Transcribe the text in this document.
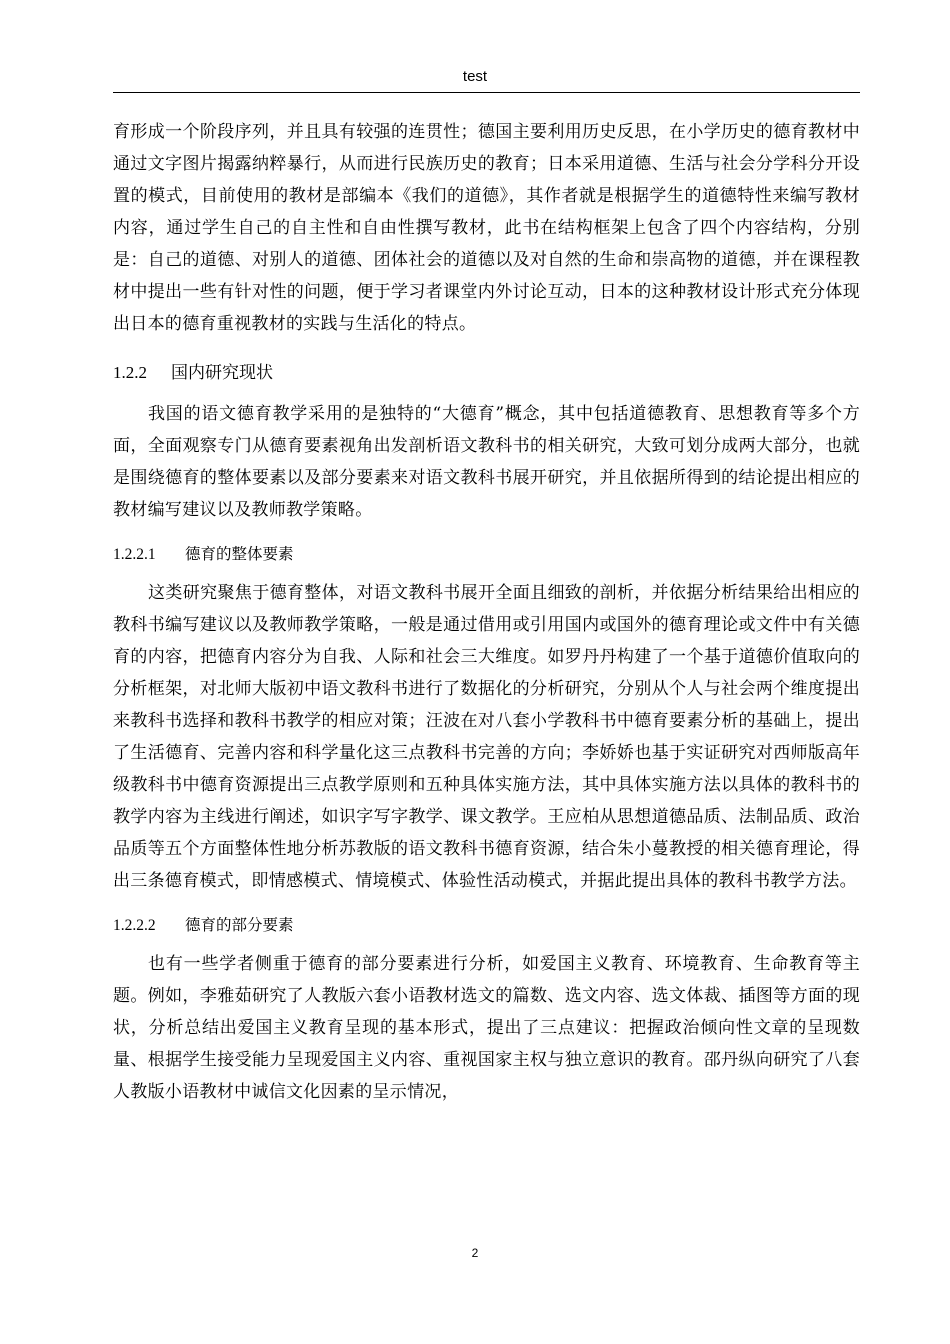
test

育形成一个阶段序列，并且具有较强的连贯性；德国主要利用历史反思，在小学历史的德育教材中通过文字图片揭露纳粹暴行，从而进行民族历史的教育；日本采用道德、生活与社会分学科分开设置的模式，目前使用的教材是部编本《我们的道德》，其作者就是根据学生的道德特性来编写教材内容，通过学生自己的自主性和自由性撰写教材，此书在结构框架上包含了四个内容结构，分别是：自己的道德、对别人的道德、团体社会的道德以及对自然的生命和崇高物的道德，并在课程教材中提出一些有针对性的问题，便于学习者课堂内外讨论互动，日本的这种教材设计形式充分体现出日本的德育重视教材的实践与生活化的特点。

1.2.2 国内研究现状

我国的语文德育教学采用的是独特的“大德育”概念，其中包括道德教育、思想教育等多个方面，全面观察专门从德育要素视角出发剖析语文教科书的相关研究，大致可划分成两大部分，也就是围绕德育的整体要素以及部分要素来对语文教科书展开研究，并且依据所得到的结论提出相应的教材编写建议以及教师教学策略。

1.2.2.1 德育的整体要素

这类研究聚焦于德育整体，对语文教科书展开全面且细致的剖析，并依据分析结果给出相应的教科书编写建议以及教师教学策略，一般是通过借用或引用国内或国外的德育理论或文件中有关德育的内容，把德育内容分为自我、人际和社会三大维度。如罗丹丹构建了一个基于道德价值取向的分析框架，对北师大版初中语文教科书进行了数据化的分析研究，分别从个人与社会两个维度提出来教科书选择和教科书教学的相应对策；汪波在对八套小学教科书中德育要素分析的基础上，提出了生活德育、完善内容和科学量化这三点教科书完善的方向；李娇娇也基于实证研究对西师版高年级教科书中德育资源提出三点教学原则和五种具体实施方法，其中具体实施方法以具体的教科书的教学内容为主线进行阐述，如识字写字教学、课文教学。王应柏从思想道德品质、法制品质、政治品质等五个方面整体性地分析苏教版的语文教科书德育资源，结合朱小蔓教授的相关德育理论，得出三条德育模式，即情感模式、情境模式、体验性活动模式，并据此提出具体的教科书教学方法。

1.2.2.2 德育的部分要素

也有一些学者侧重于德育的部分要素进行分析，如爱国主义教育、环境教育、生命教育等主题。例如，李雅茹研究了人教版六套小语教材选文的篇数、选文内容、选文体裁、插图等方面的现状，分析总结出爱国主义教育呈现的基本形式，提出了三点建议：把握政治倾向性文章的呈现数量、根据学生接受能力呈现爱国主义内容、重视国家主权与独立意识的教育。邵丹纵向研究了八套人教版小语教材中诚信文化因素的呈示情况，

2
